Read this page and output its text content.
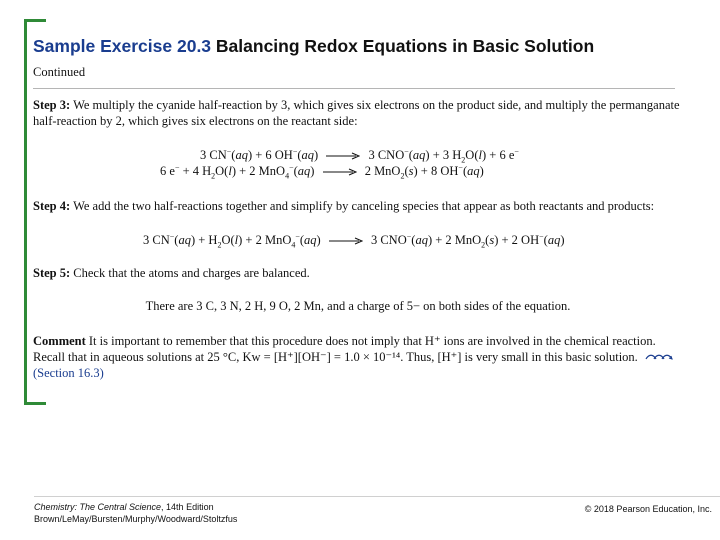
Sample Exercise 20.3 Balancing Redox Equations in Basic Solution
Continued
Step 3: We multiply the cyanide half-reaction by 3, which gives six electrons on the product side, and multiply the permanganate half-reaction by 2, which gives six electrons on the reactant side:
3 CN−(aq) + 6 OH−(aq)	3 CNO−(aq) + 3 $H_2O(l) + 6$ e−
6 e− + 4 $H_2O(l) + 2$ MnO$_4$−(aq)	2 MnO$_2$(s) + 8 OH−(aq)
Step 4: We add the two half-reactions together and simplify by canceling species that appear as both reactants and products:
3 $CN^-(aq) + H_2O(l) + 2$ MnO$_4$−(aq)	3 CNO−(aq) + 2 MnO$_2$(s) + 2 OH−(aq)
Step 5: Check that the atoms and charges are balanced.
There are 3 C, 3 N, 2 H, 9 O, 2 Mn, and a charge of 5− on both sides of the equation.
Comment It is important to remember that this procedure does not imply that H⁺ ions are involved in the chemical reaction. Recall that in aqueous solutions at 25 °C, Kw = [H⁺][OH⁻] = 1.0 × 10⁻¹⁴. Thus, [H⁺] is very small in this basic solution.  (Section 16.3)
Chemistry: The Central Science, 14th Edition
Brown/LeMay/Bursten/Murphy/Woodward/Stoltzfus
© 2018 Pearson Education, Inc.
